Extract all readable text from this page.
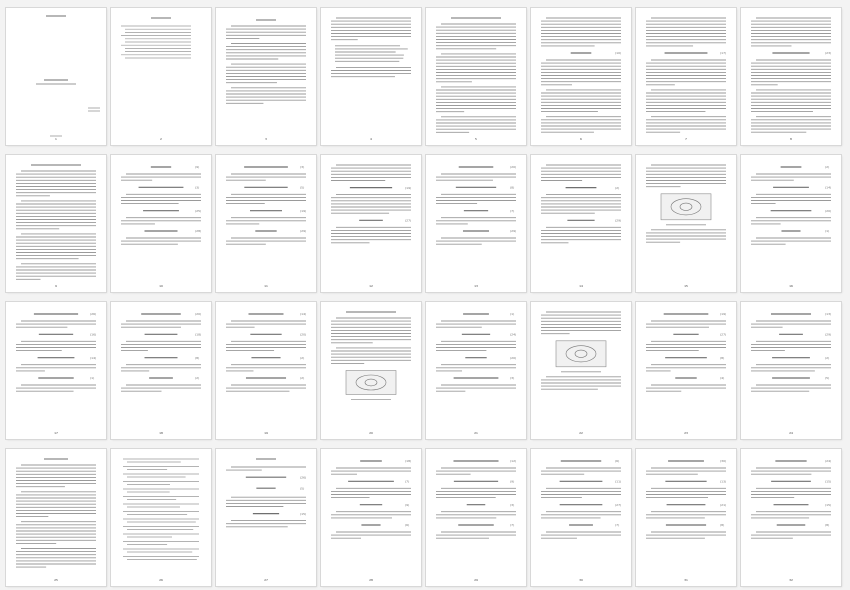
1	2	3	4	5
(10)
6
(17)
7
(23)
8
9
(9)
(3)
(25)
(28)
10
(3)
(5)
(19)
(29)
11
(19)
(27)
12
(20)
(8)
(7)
(29)
13
(2)
(29)
14	15
(2)
(14)
(20)
(1)
16
(26)
(16)
(14)
(1)
17
(20)
(18)
(8)
(2)
18
(14)
(20)
(2)
(2)
19	20
(1)
(24)
(20)
(3)
21	22
(19)
(27)
(8)
(4)
23
(13)
(29)
(2)
(5)
24
25	26
(26)
(5)
(15)
27
(18)
(7)
(9)
(6)
28
(12)
(9)
(3)
(7)
29
(6)
(11)
(27)
(7)
30
(30)
(13)
(21)
(8)
31
(24)
(15)
(15)
(8)
32
